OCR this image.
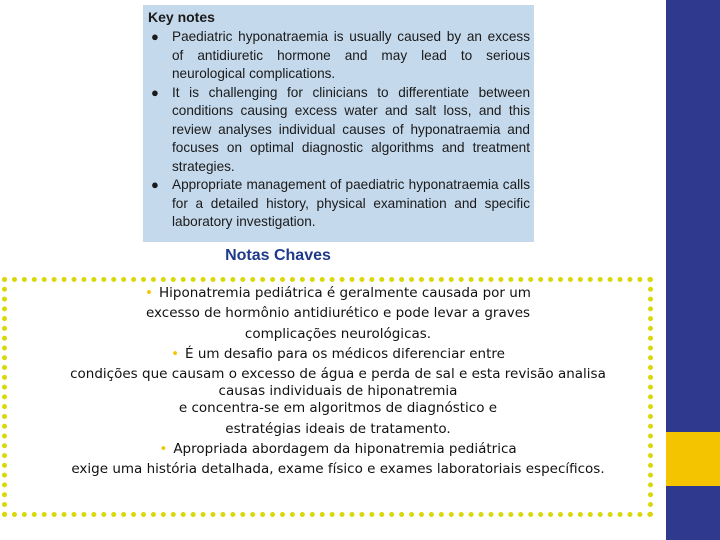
Key notes
● Paediatric hyponatraemia is usually caused by an excess of antidiuretic hormone and may lead to serious neurological complications.
● It is challenging for clinicians to differentiate between conditions causing excess water and salt loss, and this review analyses individual causes of hyponatraemia and focuses on optimal diagnostic algorithms and treatment strategies.
● Appropriate management of paediatric hyponatraemia calls for a detailed history, physical examination and specific laboratory investigation.
Notas Chaves
• Hiponatremia pediátrica é geralmente causada por um
excesso de hormônio antidiurético e pode levar a graves
complicações neurológicas.
• É um desafio para os médicos diferenciar entre
condições que causam o excesso de água e perda de sal e esta revisão analisa
causas individuais de hiponatremia
e concentra-se em algoritmos de diagnóstico e
estratégias ideais de tratamento.
• Apropriada abordagem da hiponatremia pediátrica
exige uma história detalhada, exame físico e exames laboratoriais específicos.
